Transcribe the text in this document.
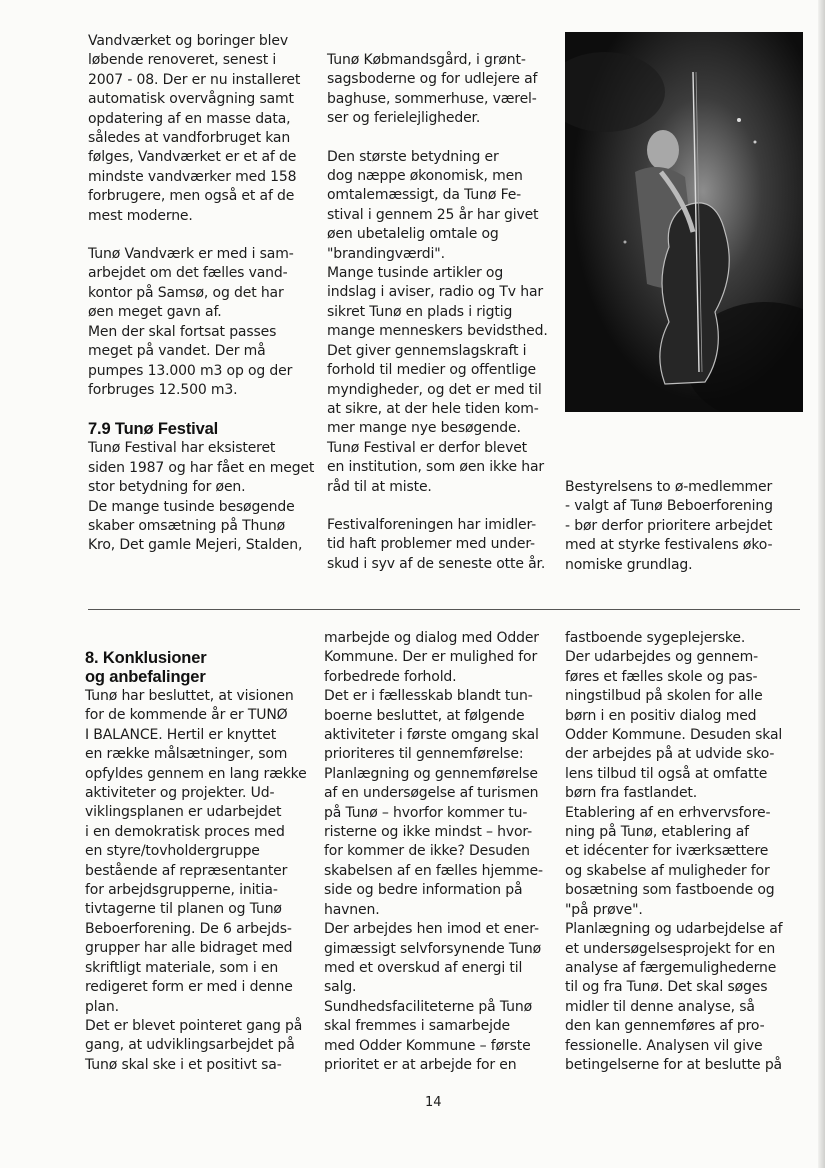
Vandværket og boringer blev
løbende renoveret, senest i
2007 - 08. Der er nu installeret
automatisk overvågning samt
opdatering af en masse data,
således at vandforbruget kan
følges, Vandværket er et af de
mindste vandværker med 158
forbrugere, men også et af de
mest moderne.

Tunø Vandværk er med i sam-
arbejdet om det fælles vand-
kontor på Samsø, og det har
øen meget gavn af.
Men der skal fortsat passes
meget på vandet. Der må
pumpes 13.000 m3 op og der
forbruges 12.500 m3.

7.9 Tunø Festival

Tunø Festival har eksisteret
siden 1987 og har fået en meget
stor betydning for øen.
De mange tusinde besøgende
skaber omsætning på Thunø
Kro, Det gamle Mejeri, Stalden,

Tunø Købmandsgård, i grønt-
sagsboderne og for udlejere af
baghuse, sommerhuse, værel-
ser og ferielejligheder.

Den største betydning er
dog næppe økonomisk, men
omtalemæssigt, da Tunø Fe-
stival i gennem 25 år har givet
øen ubetalelig omtale og
"brandingværdi".
Mange tusinde artikler og
indslag i aviser, radio og Tv har
sikret Tunø en plads i rigtig
mange menneskers bevidsthed.
Det giver gennemslagskraft i
forhold til medier og offentlige
myndigheder, og det er med til
at sikre, at der hele tiden kom-
mer mange nye besøgende.
Tunø Festival er derfor blevet
en institution, som øen ikke har
råd til at miste.

Festivalforeningen har imidler-
tid haft problemer med under-
skud i syv af de seneste otte år.

Bestyrelsens to ø-medlemmer
- valgt af Tunø Beboerforening
- bør derfor prioritere arbejdet
med at styrke festivalens øko-
nomiske grundlag.

8. Konklusioner
og anbefalinger

Tunø har besluttet, at visionen
for de kommende år er TUNØ
I BALANCE. Hertil er knyttet
en række målsætninger, som
opfyldes gennem en lang række
aktiviteter og projekter. Ud-
viklingsplanen er udarbejdet
i en demokratisk proces med
en styre/tovholdergruppe
bestående af repræsentanter
for arbejdsgrupperne, initia-
tivtagerne til planen og Tunø
Beboerforening. De 6 arbejds-
grupper har alle bidraget med
skriftligt materiale, som i en
redigeret form er med i denne
plan.
Det er blevet pointeret gang på
gang, at udviklingsarbejdet på
Tunø skal ske i et positivt sa-

marbejde og dialog med Odder
Kommune. Der er mulighed for
forbedrede forhold.
Det er i fællesskab blandt tun-
boerne besluttet, at følgende
aktiviteter i første omgang skal
prioriteres til gennemførelse:
Planlægning og gennemførelse
af en undersøgelse af turismen
på Tunø – hvorfor kommer tu-
risterne og ikke mindst – hvor-
for kommer de ikke? Desuden
skabelsen af en fælles hjemme-
side og bedre information på
havnen.
Der arbejdes hen imod et ener-
gimæssigt selvforsynende Tunø
med et overskud af energi til
salg.
Sundhedsfaciliteterne på Tunø
skal fremmes i samarbejde
med Odder Kommune – første
prioritet er at arbejde for en

fastboende sygeplejerske.
Der udarbejdes og gennem-
føres et fælles skole og pas-
ningstilbud på skolen for alle
børn i en positiv dialog med
Odder Kommune. Desuden skal
der arbejdes på at udvide sko-
lens tilbud til også at omfatte
børn fra fastlandet.
Etablering af en erhvervsfore-
ning på Tunø, etablering af
et idécenter for iværksættere
og skabelse af muligheder for
bosætning som fastboende og
"på prøve".
Planlægning og udarbejdelse af
et undersøgelsesprojekt for en
analyse af færgemulighederne
til og fra Tunø. Det skal søges
midler til denne analyse, så
den kan gennemføres af pro-
fessionelle. Analysen vil give
betingelserne for at beslutte på

14
